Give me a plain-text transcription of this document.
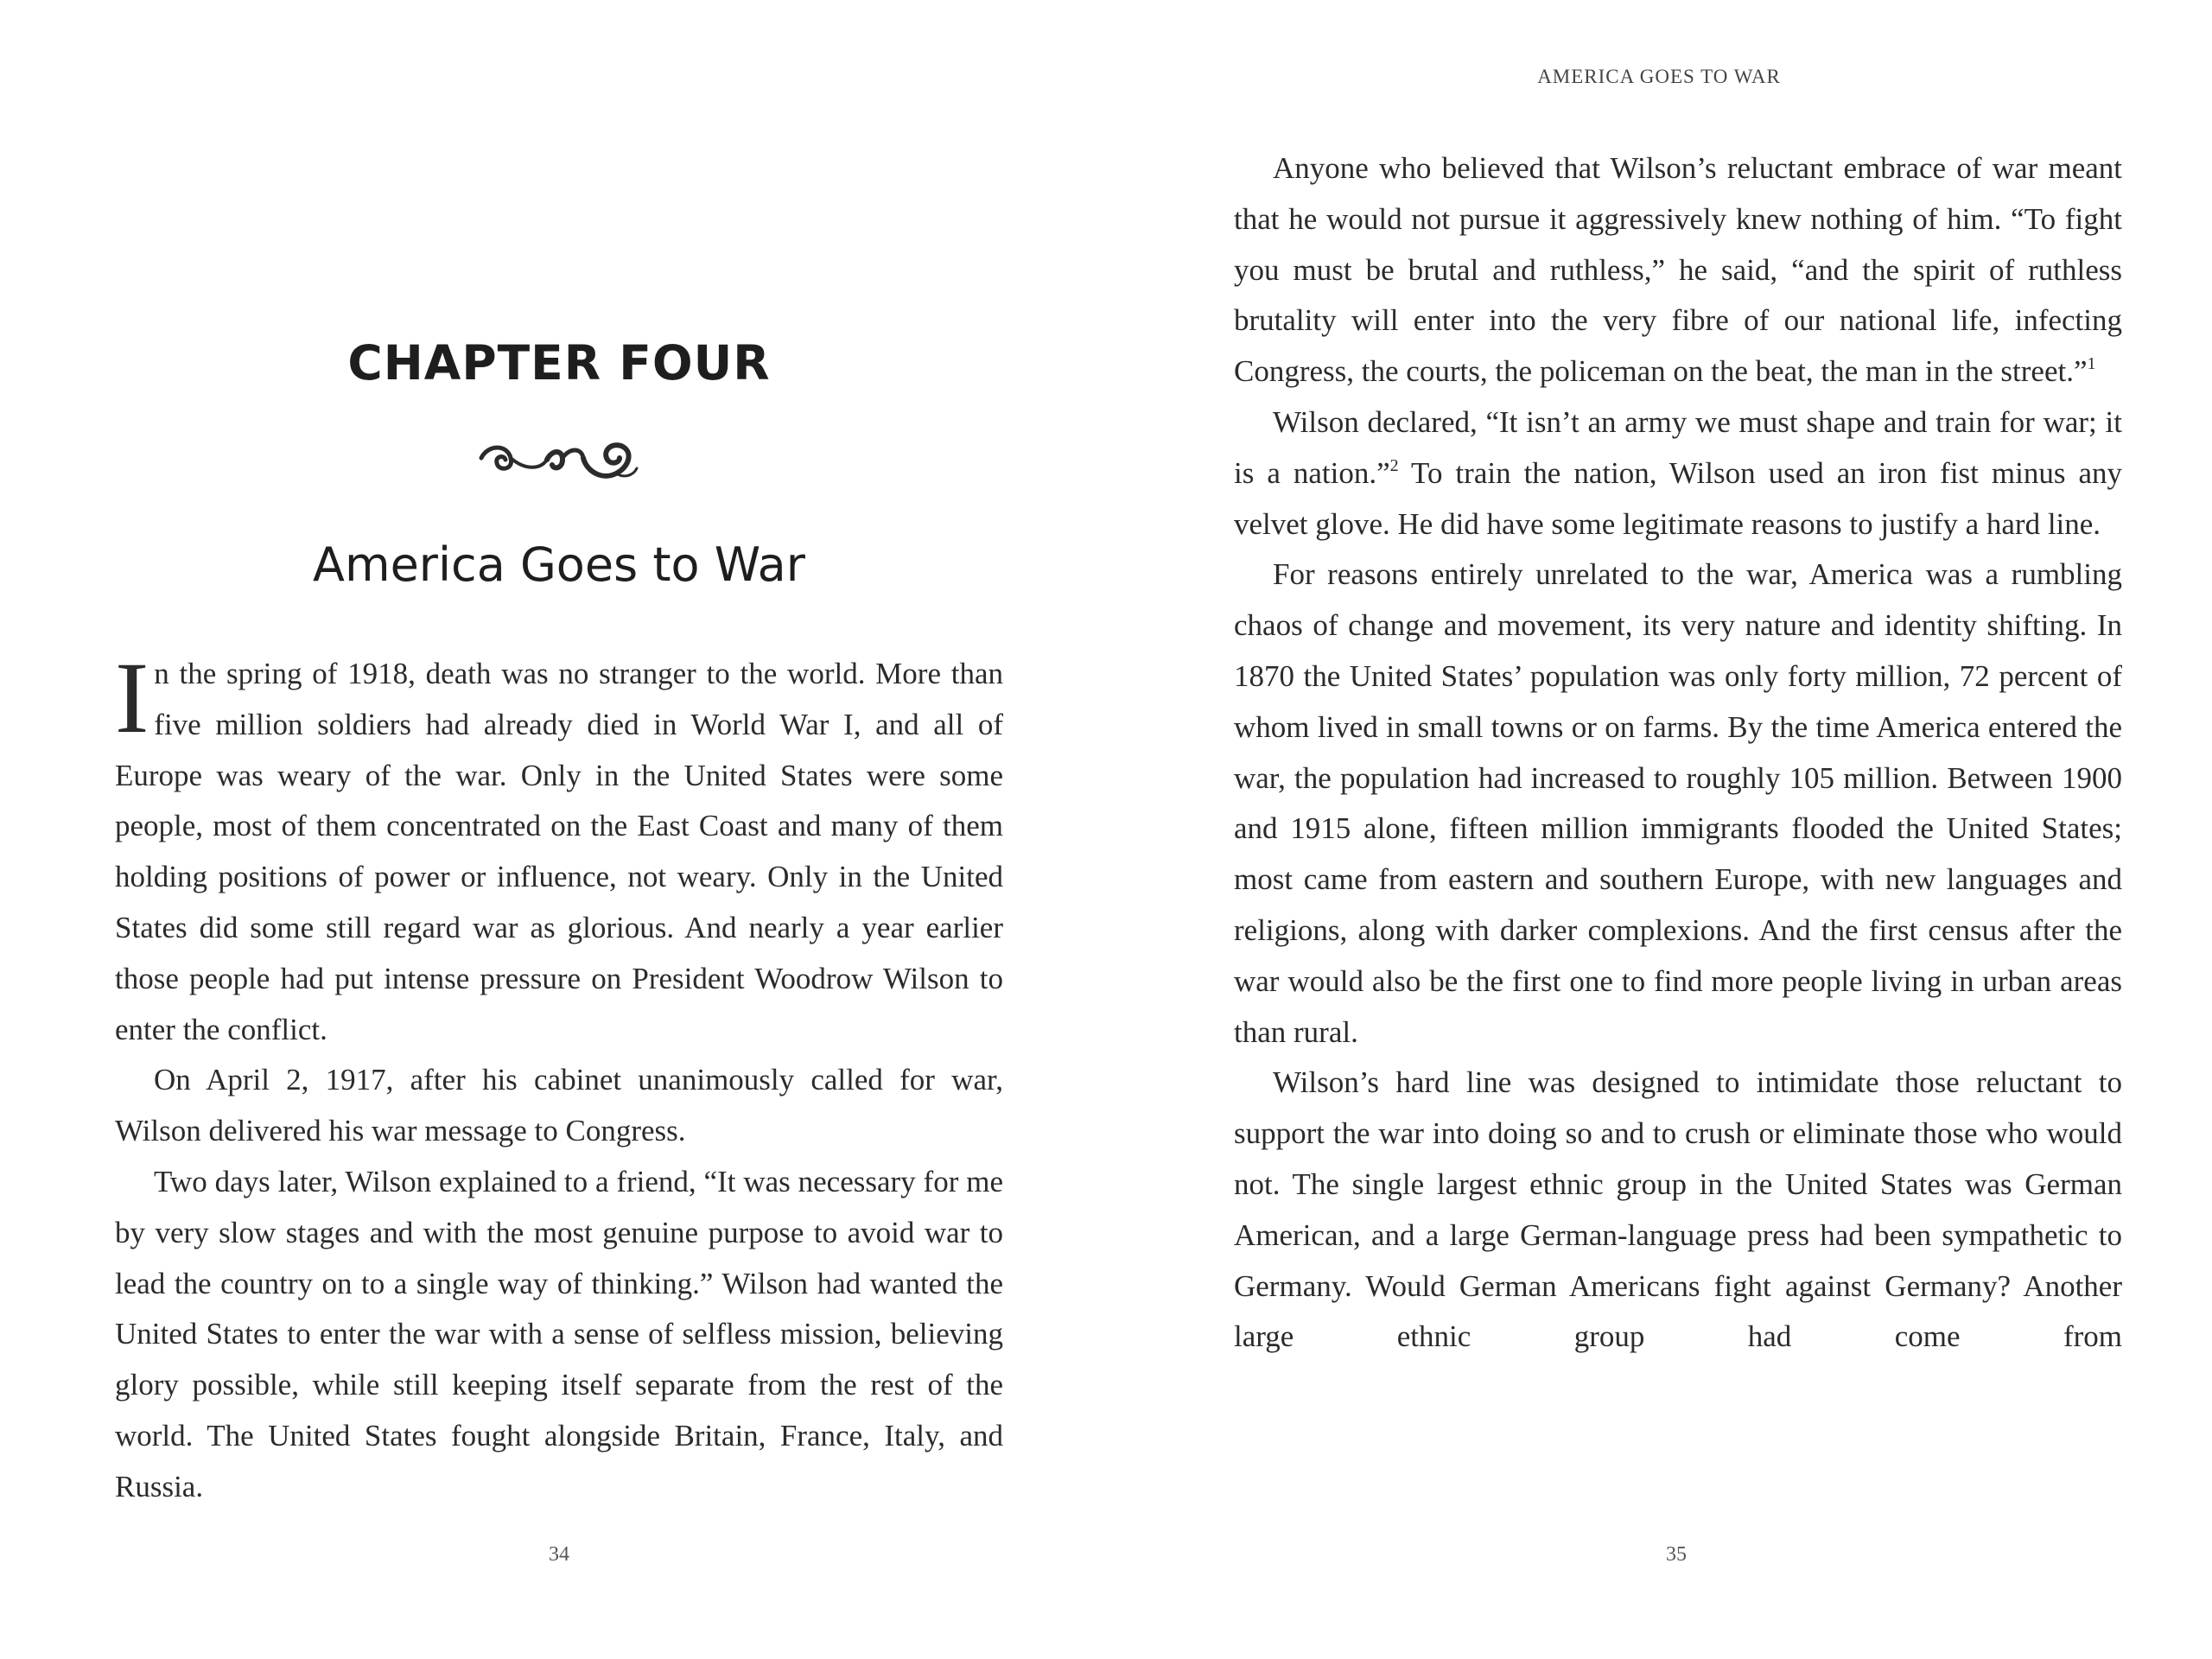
CHAPTER FOUR
America Goes to War

In the spring of 1918, death was no stranger to the world. More than five million soldiers had already died in World War I, and all of Europe was weary of the war. Only in the United States were some people, most of them concentrated on the East Coast and many of them holding positions of power or influence, not weary. Only in the United States did some still regard war as glorious. And nearly a year earlier those people had put intense pressure on President Woodrow Wilson to enter the conflict.

On April 2, 1917, after his cabinet unanimously called for war, Wilson delivered his war message to Congress.

Two days later, Wilson explained to a friend, “It was necessary for me by very slow stages and with the most genuine purpose to avoid war to lead the country on to a single way of thinking.” Wilson had wanted the United States to enter the war with a sense of selfless mission, believing glory possible, while still keeping itself separate from the rest of the world. The United States fought alongside Britain, France, Italy, and Russia.

34
AMERICA GOES TO WAR

Anyone who believed that Wilson’s reluctant embrace of war meant that he would not pursue it aggressively knew nothing of him. “To fight you must be brutal and ruthless,” he said, “and the spirit of ruthless brutality will enter into the very fibre of our national life, infecting Congress, the courts, the policeman on the beat, the man in the street.”$^1$

Wilson declared, “It isn’t an army we must shape and train for war; it is a nation.”$^2$ To train the nation, Wilson used an iron fist minus any velvet glove. He did have some legitimate reasons to justify a hard line.

For reasons entirely unrelated to the war, America was a rumbling chaos of change and movement, its very nature and identity shifting. In 1870 the United States’ population was only forty million, 72 percent of whom lived in small towns or on farms. By the time America entered the war, the population had increased to roughly 105 million. Between 1900 and 1915 alone, fifteen million immigrants flooded the United States; most came from eastern and southern Europe, with new languages and religions, along with darker complexions. And the first census after the war would also be the first one to find more people living in urban areas than rural.

Wilson’s hard line was designed to intimidate those reluctant to support the war into doing so and to crush or eliminate those who would not. The single largest ethnic group in the United States was German American, and a large German-language press had been sympathetic to Germany. Would German Americans fight against Germany? Another large ethnic group had come from

35
